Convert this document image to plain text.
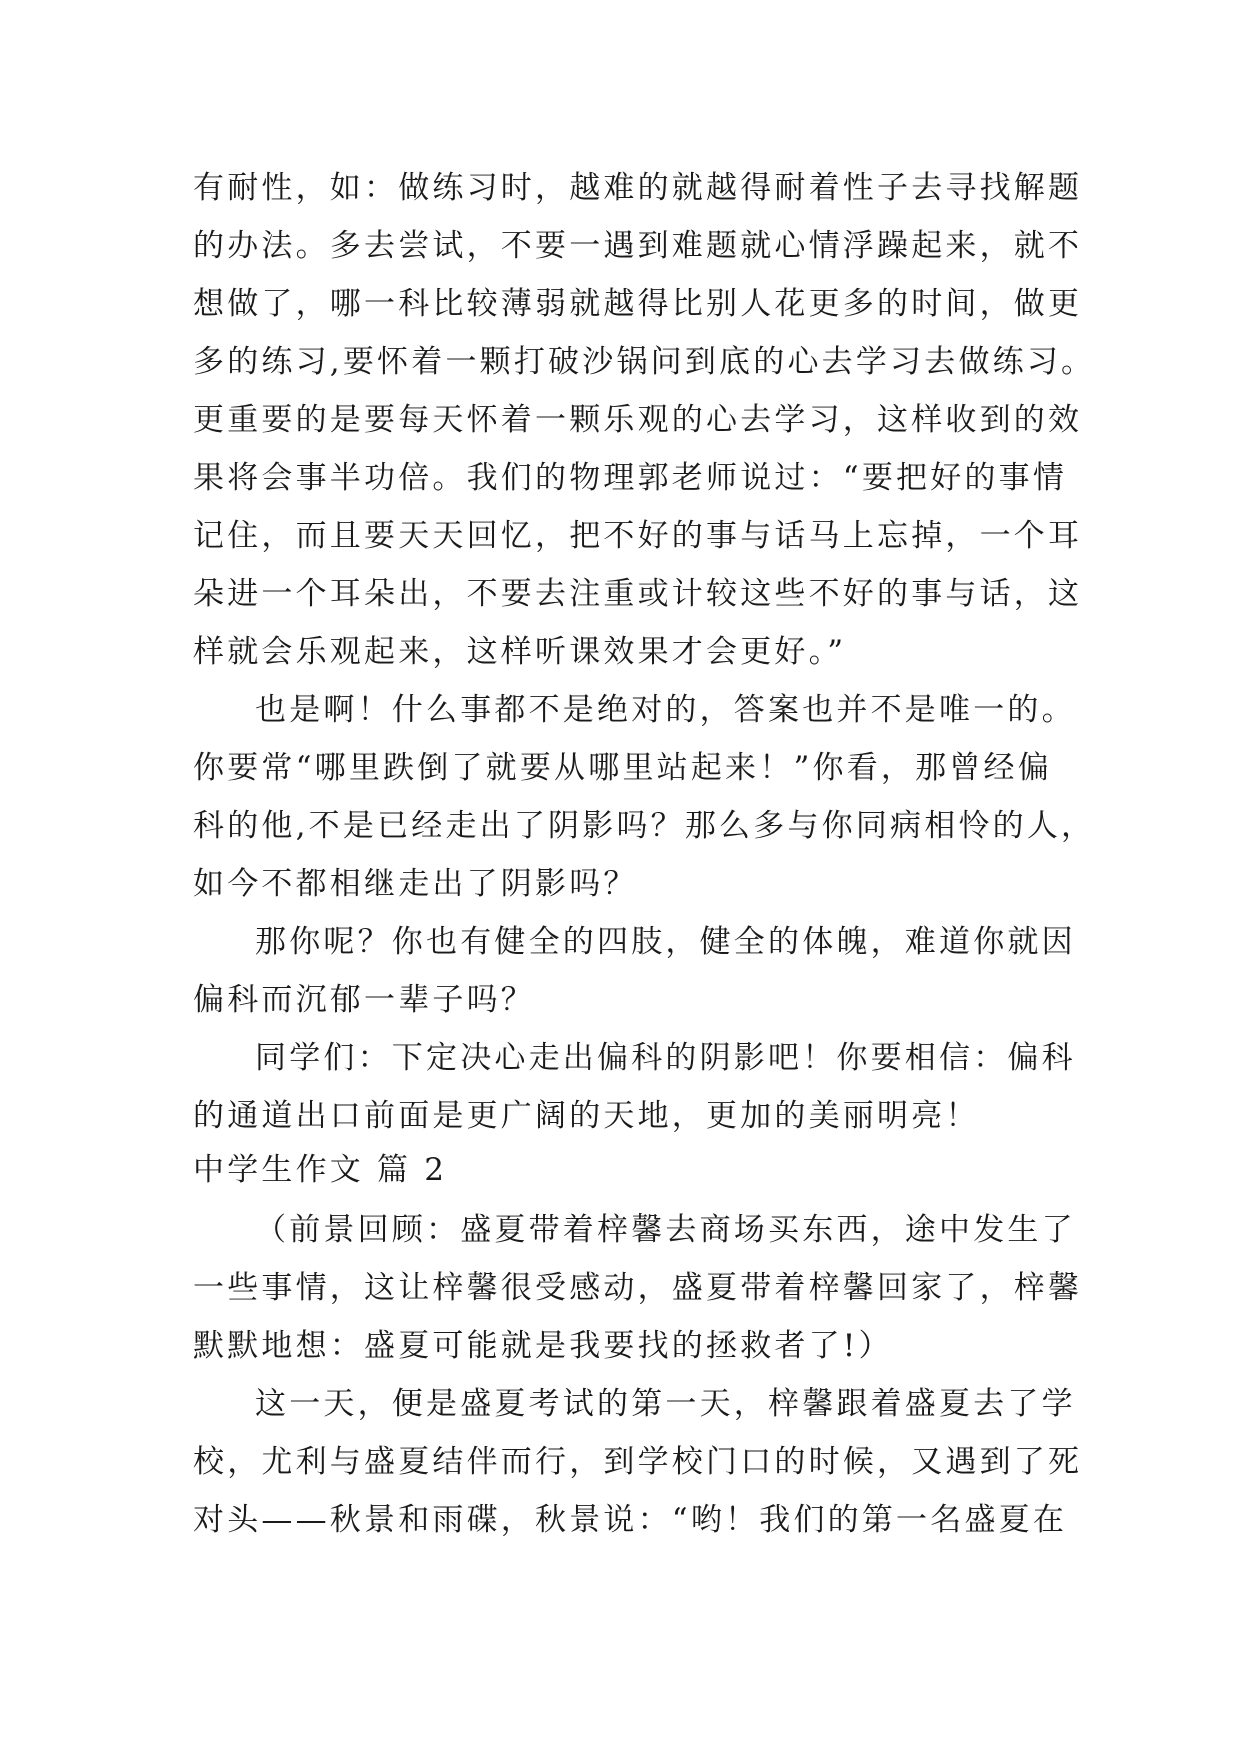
有耐性，如：做练习时，越难的就越得耐着性子去寻找解题
的办法。多去尝试，不要一遇到难题就心情浮躁起来，就不
想做了，哪一科比较薄弱就越得比别人花更多的时间，做更
多的练习,要怀着一颗打破沙锅问到底的心去学习去做练习。
更重要的是要每天怀着一颗乐观的心去学习，这样收到的效
果将会事半功倍。我们的物理郭老师说过：“要把好的事情
记住，而且要天天回忆，把不好的事与话马上忘掉，一个耳
朵进一个耳朵出，不要去注重或计较这些不好的事与话，这
样就会乐观起来，这样听课效果才会更好。”
也是啊！什么事都不是绝对的，答案也并不是唯一的。
你要常“哪里跌倒了就要从哪里站起来！”你看，那曾经偏
科的他,不是已经走出了阴影吗？那么多与你同病相怜的人，
如今不都相继走出了阴影吗？
那你呢？你也有健全的四肢，健全的体魄，难道你就因
偏科而沉郁一辈子吗？
同学们：下定决心走出偏科的阴影吧！你要相信：偏科
的通道出口前面是更广阔的天地，更加的美丽明亮！
中学生作文 篇 2
（前景回顾：盛夏带着梓馨去商场买东西，途中发生了
一些事情，这让梓馨很受感动，盛夏带着梓馨回家了，梓馨
默默地想：盛夏可能就是我要找的拯救者了!）
这一天，便是盛夏考试的第一天，梓馨跟着盛夏去了学
校，尤利与盛夏结伴而行，到学校门口的时候，又遇到了死
对头——秋景和雨碟，秋景说：“哟！我们的第一名盛夏在
